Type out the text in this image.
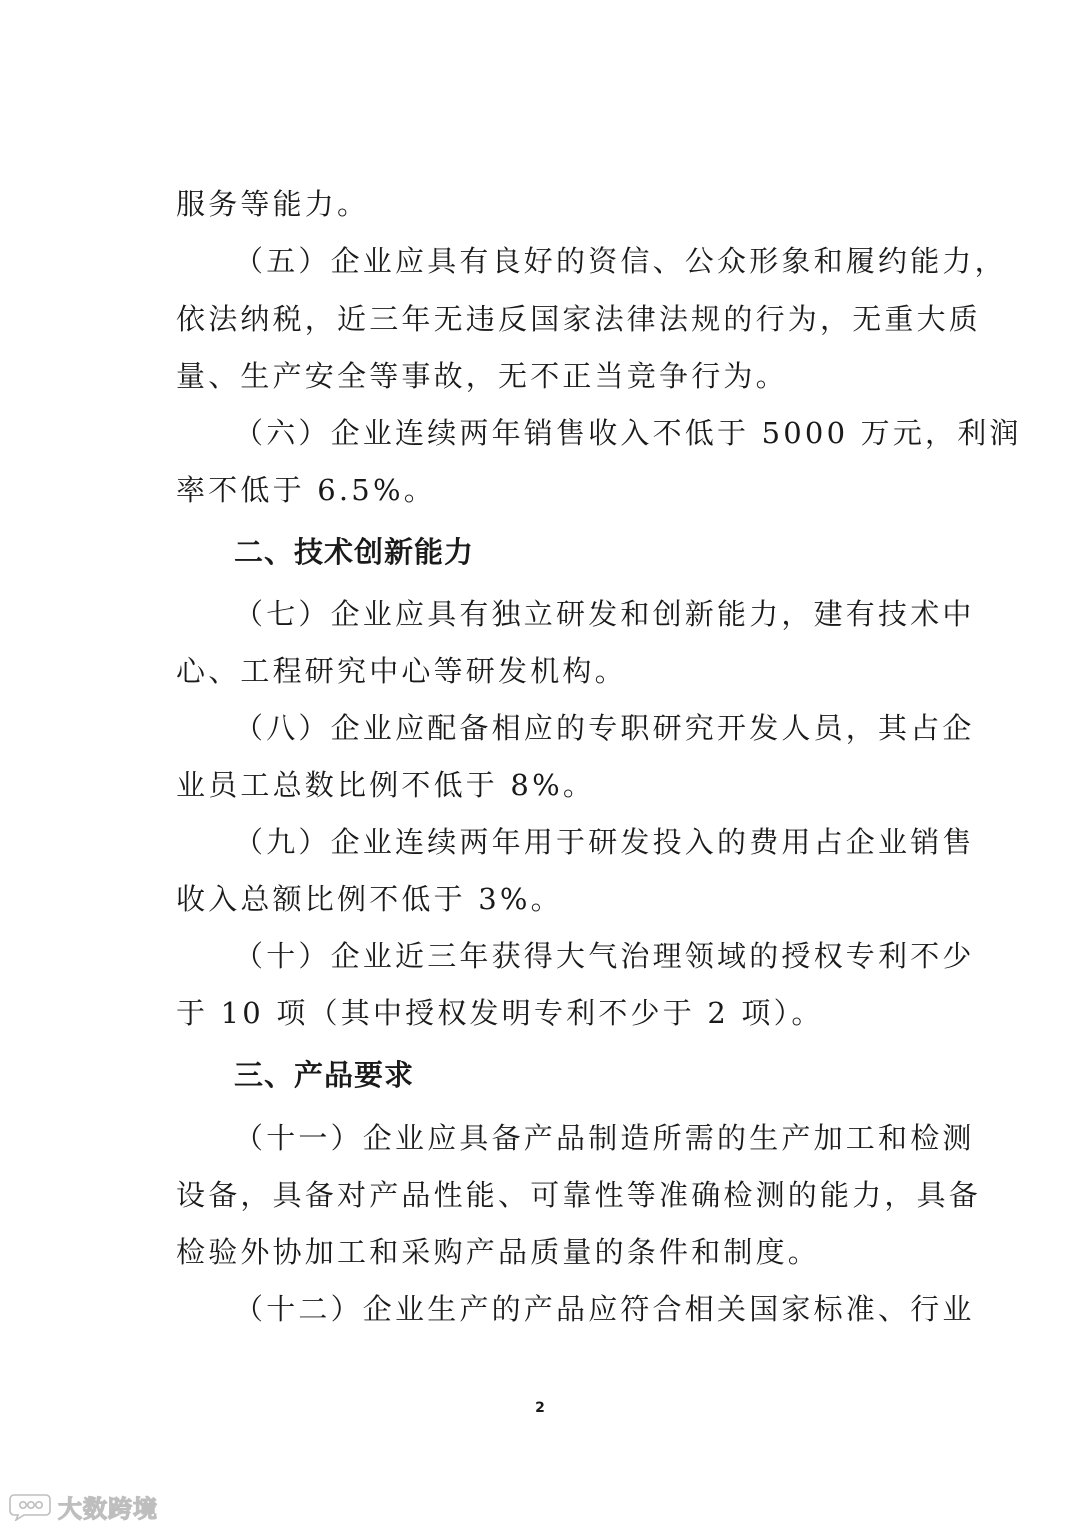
服务等能力。
（五）企业应具有良好的资信、公众形象和履约能力，
依法纳税，近三年无违反国家法律法规的行为，无重大质
量、生产安全等事故，无不正当竞争行为。
（六）企业连续两年销售收入不低于 5000 万元，利润
率不低于 6.5%。
二、技术创新能力
（七）企业应具有独立研发和创新能力，建有技术中
心、工程研究中心等研发机构。
（八）企业应配备相应的专职研究开发人员，其占企
业员工总数比例不低于 8%。
（九）企业连续两年用于研发投入的费用占企业销售
收入总额比例不低于 3%。
（十）企业近三年获得大气治理领域的授权专利不少
于 10 项（其中授权发明专利不少于 2 项）。
三、产品要求
（十一）企业应具备产品制造所需的生产加工和检测
设备，具备对产品性能、可靠性等准确检测的能力，具备
检验外协加工和采购产品质量的条件和制度。
（十二）企业生产的产品应符合相关国家标准、行业
2
大数跨境
